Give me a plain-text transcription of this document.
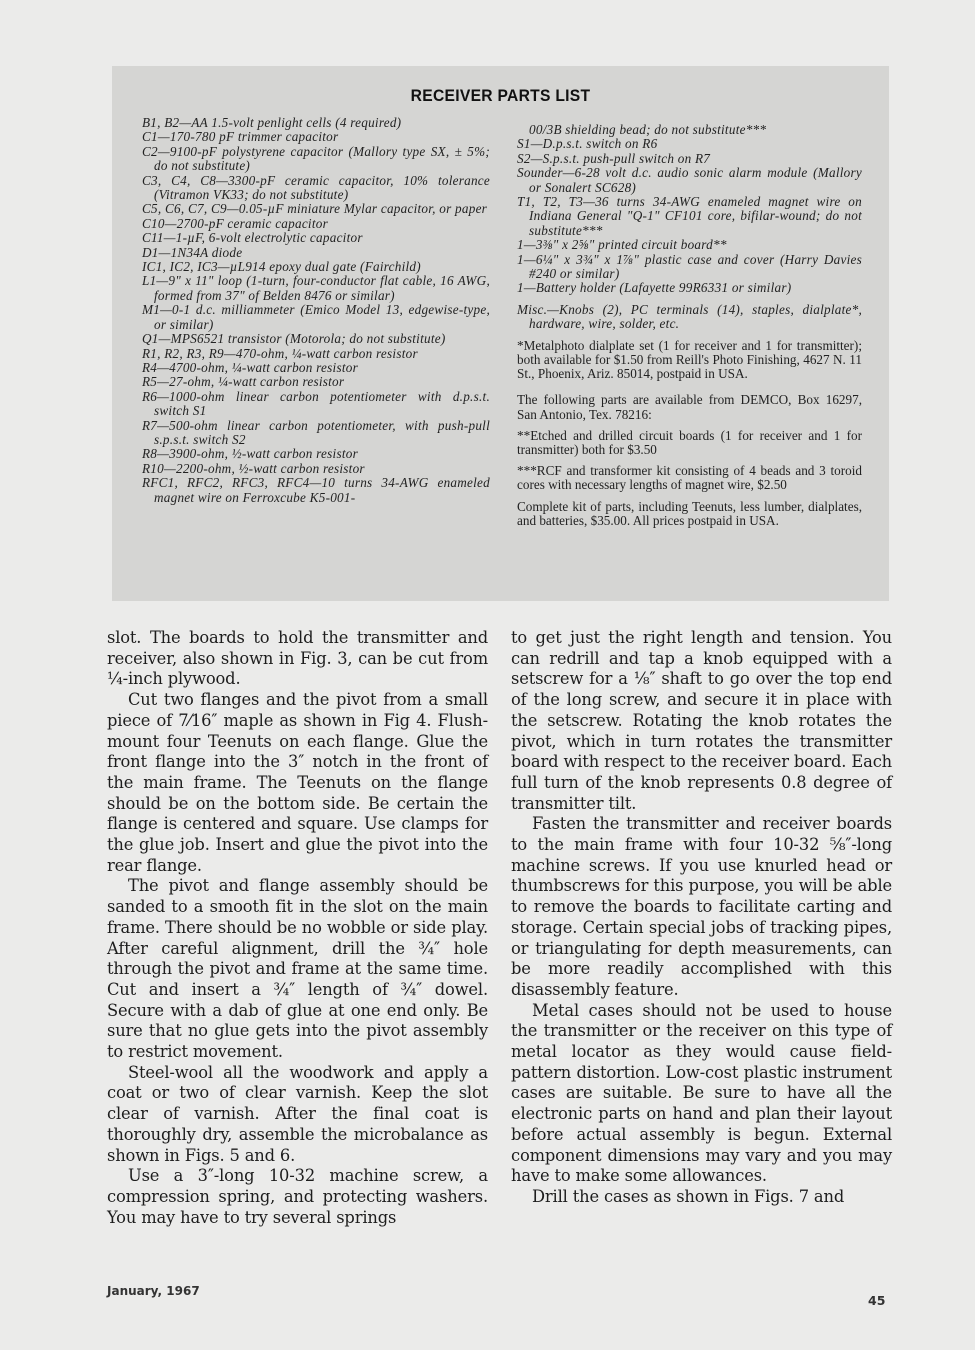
RECEIVER PARTS LIST
B1, B2—AA 1.5-volt penlight cells (4 required)
C1—170-780 pF trimmer capacitor
C2—9100-pF polystyrene capacitor (Mallory type SX, ± 5%; do not substitute)
C3, C4, C8—3300-pF ceramic capacitor, 10% tolerance (Vitramon VK33; do not substitute)
C5, C6, C7, C9—0.05-µF miniature Mylar capacitor, or paper
C10—2700-pF ceramic capacitor
C11—1-µF, 6-volt electrolytic capacitor
D1—1N34A diode
IC1, IC2, IC3—µL914 epoxy dual gate (Fairchild)
L1—9" x 11" loop (1-turn, four-conductor flat cable, 16 AWG, formed from 37" of Belden 8476 or similar)
M1—0-1 d.c. milliammeter (Emico Model 13, edgewise-type, or similar)
Q1—MPS6521 transistor (Motorola; do not substitute)
R1, R2, R3, R9—470-ohm, ¼-watt carbon resistor
R4—4700-ohm, ¼-watt carbon resistor
R5—27-ohm, ¼-watt carbon resistor
R6—1000-ohm linear carbon potentiometer with d.p.s.t. switch S1
R7—500-ohm linear carbon potentiometer, with push-pull s.p.s.t. switch S2
R8—3900-ohm, ½-watt carbon resistor
R10—2200-ohm, ½-watt carbon resistor
RFC1, RFC2, RFC3, RFC4—10 turns 34-AWG enameled magnet wire on Ferroxcube K5-001-
00/3B shielding bead; do not substitute***
S1—D.p.s.t. switch on R6
S2—S.p.s.t. push-pull switch on R7
Sounder—6-28 volt d.c. audio sonic alarm module (Mallory or Sonalert SC628)
T1, T2, T3—36 turns 34-AWG enameled magnet wire on Indiana General "Q-1" CF101 core, bifilar-wound; do not substitute***
1—3⅜" x 2⅝" printed circuit board**
1—6¼" x 3¾" x 1⅞" plastic case and cover (Harry Davies #240 or similar)
1—Battery holder (Lafayette 99R6331 or similar)
Misc.—Knobs (2), PC terminals (14), staples, dialplate*, hardware, wire, solder, etc.
*Metalphoto dialplate set (1 for receiver and 1 for transmitter); both available for $1.50 from Reill's Photo Finishing, 4627 N. 11 St., Phoenix, Ariz. 85014, postpaid in USA.
The following parts are available from DEMCO, Box 16297, San Antonio, Tex. 78216:
**Etched and drilled circuit boards (1 for receiver and 1 for transmitter) both for $3.50
***RCF and transformer kit consisting of 4 beads and 3 toroid cores with necessary lengths of magnet wire, $2.50
Complete kit of parts, including Teenuts, less lumber, dialplates, and batteries, $35.00. All prices postpaid in USA.

slot. The boards to hold the transmitter and receiver, also shown in Fig. 3, can be cut from ¼-inch plywood.

Cut two flanges and the pivot from a small piece of 7⁄16″ maple as shown in Fig 4. Flush-mount four Teenuts on each flange. Glue the front flange into the 3″ notch in the front of the main frame. The Teenuts on the flange should be on the bottom side. Be certain the flange is centered and square. Use clamps for the glue job. Insert and glue the pivot into the rear flange.

The pivot and flange assembly should be sanded to a smooth fit in the slot on the main frame. There should be no wobble or side play. After careful alignment, drill the ¾″ hole through the pivot and frame at the same time. Cut and insert a ¾″ length of ¾″ dowel. Secure with a dab of glue at one end only. Be sure that no glue gets into the pivot assembly to restrict movement.

Steel-wool all the woodwork and apply a coat or two of clear varnish. Keep the slot clear of varnish. After the final coat is thoroughly dry, assemble the microbalance as shown in Figs. 5 and 6.

Use a 3″-long 10-32 machine screw, a compression spring, and protecting washers. You may have to try several springs

to get just the right length and tension. You can redrill and tap a knob equipped with a setscrew for a ⅛″ shaft to go over the top end of the long screw, and secure it in place with the setscrew. Rotating the knob rotates the pivot, which in turn rotates the transmitter board with respect to the receiver board. Each full turn of the knob represents 0.8 degree of transmitter tilt.

Fasten the transmitter and receiver boards to the main frame with four 10-32 ⅝″-long machine screws. If you use knurled head or thumbscrews for this purpose, you will be able to remove the boards to facilitate carting and storage. Certain special jobs of tracking pipes, or triangulating for depth measurements, can be more readily accomplished with this disassembly feature.

Metal cases should not be used to house the transmitter or the receiver on this type of metal locator as they would cause field-pattern distortion. Low-cost plastic instrument cases are suitable. Be sure to have all the electronic parts on hand and plan their layout before actual assembly is begun. External component dimensions may vary and you may have to make some allowances.

Drill the cases as shown in Figs. 7 and

January, 1967
45
